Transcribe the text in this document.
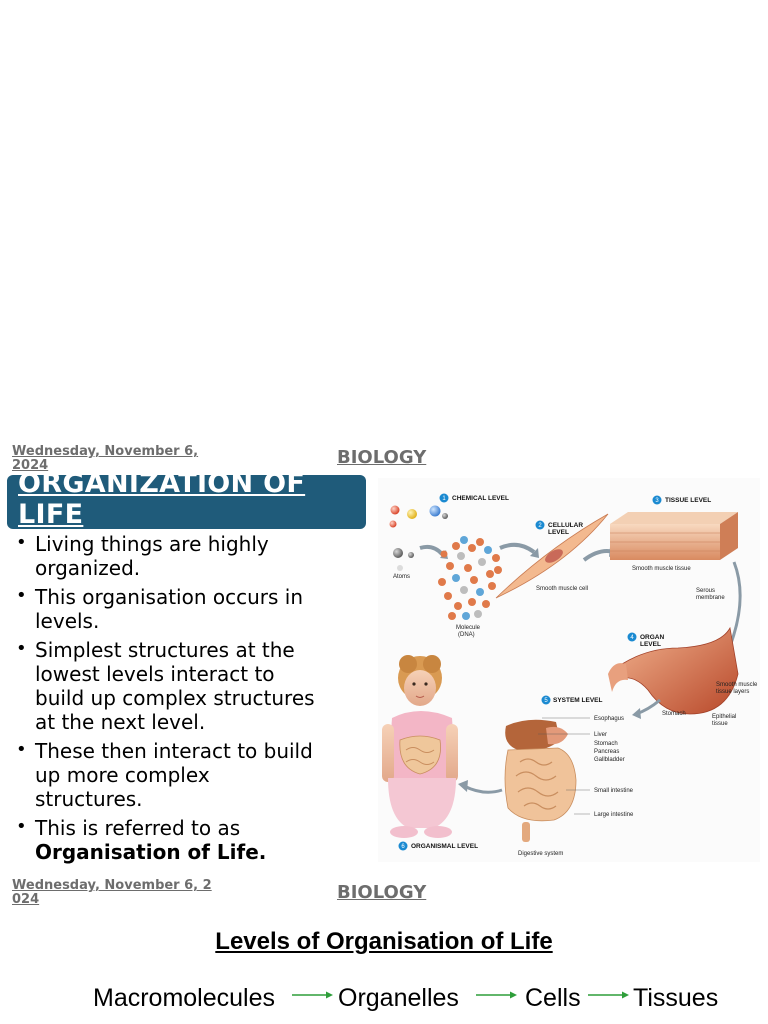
Wednesday, November 6,
2024	BIOLOGY
ORGANIZATION OF
LIFE
• Living things are highly
organized.
• This organisation occurs in
levels.
• Simplest structures at the
lowest levels interact to
build up complex structures
at the next level.
• These then interact to build
up more complex
structures.
• This is referred to as
Organisation of Life.
1 CHEMICAL LEVEL
Atoms
Molecule
(DNA)
2 CELLULAR
LEVEL
Smooth muscle cell
3 TISSUE LEVEL
Smooth muscle tissue
Serous
membrane
4 ORGAN
LEVEL
Smooth muscle
tissue layers
Stomach	Epithelial
tissue
5 SYSTEM LEVEL
Esophagus
Liver
Stomach
Pancreas
Gallbladder
Small intestine
Large intestine
Digestive system
6 ORGANISMAL LEVEL
Wednesday, November 6, 2
024	BIOLOGY
Levels of Organisation of Life
Macromolecules	Organelles	Cells Tissues
